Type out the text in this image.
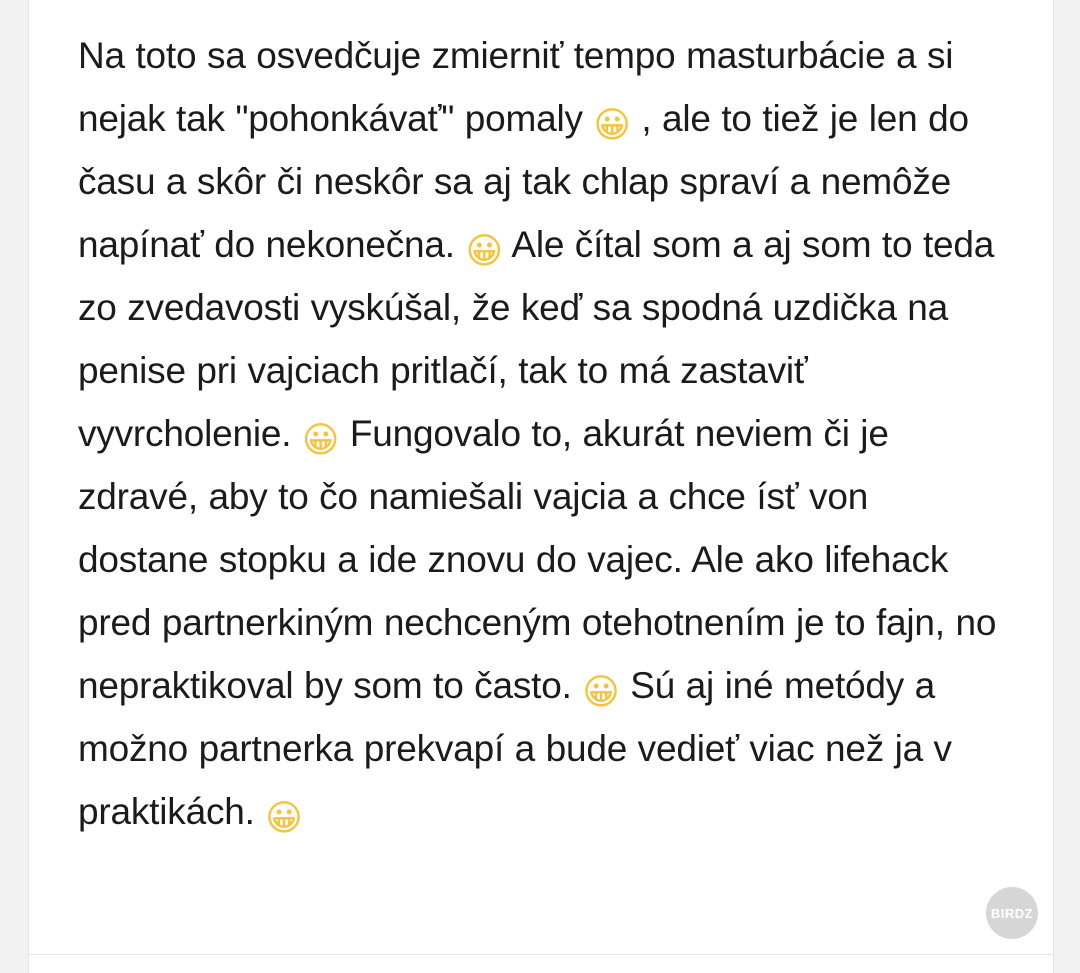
Na toto sa osvedčuje zmierniť tempo masturbácie a si nejak tak "pohonkávať" pomaly 😀 , ale to tiež je len do času a skôr či neskôr sa aj tak chlap spraví a nemôže napínať do nekonečna. 😀 Ale čítal som a aj som to teda zo zvedavosti vyskúšal, že keď sa spodná uzdička na penise pri vajciach pritlačí, tak to má zastaviť vyvrcholenie. 😀 Fungovalo to, akurát neviem či je zdravé, aby to čo namiešali vajcia a chce ísť von dostane stopku a ide znovu do vajec. Ale ako lifehack pred partnerkiným nechceným otehotnením je to fajn, no nepraktikoval by som to často. 😀 Sú aj iné metódy a možno partnerka prekvapí a bude vedieť viac než ja v praktikách. 😀
BIRDZ
